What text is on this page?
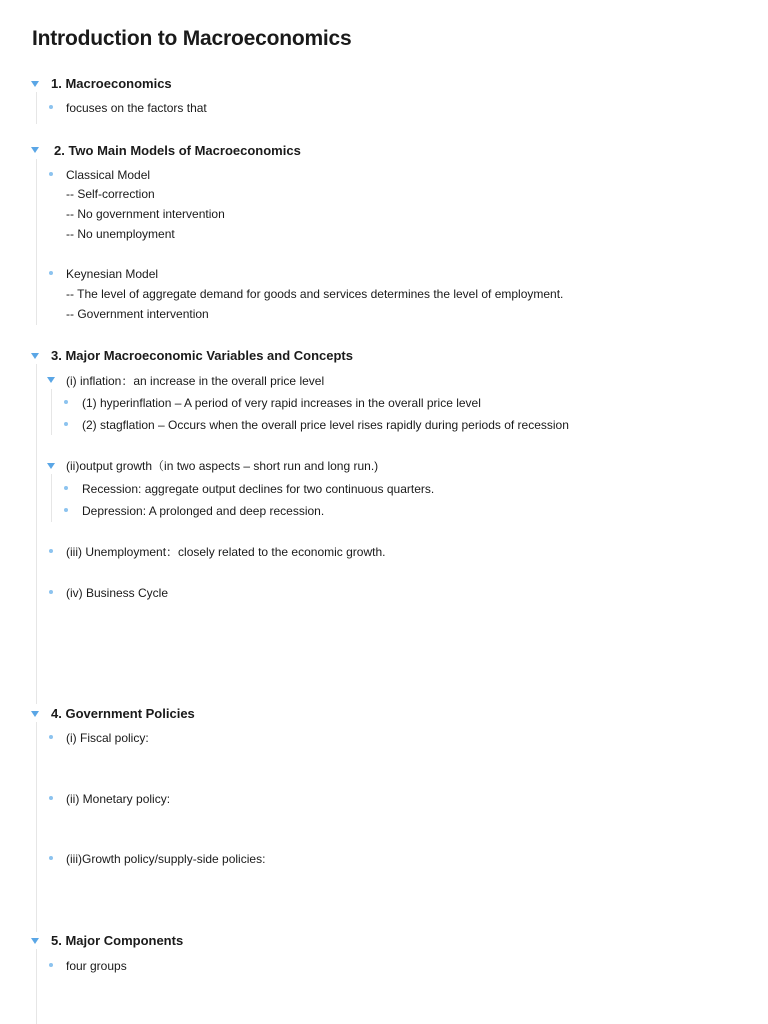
Introduction to Macroeconomics
1. Macroeconomics
focuses on the factors that
2. Two Main Models of Macroeconomics
Classical Model
-- Self-correction
-- No government intervention
-- No unemployment
Keynesian Model
-- The level of aggregate demand for goods and services determines the level of employment.
-- Government intervention
3. Major Macroeconomic Variables and Concepts
(i) inflation：an increase in the overall price level
(1) hyperinflation – A period of very rapid increases in the overall price level
(2) stagflation – Occurs when the overall price level rises rapidly during periods of recession
(ii)output growth（in two aspects – short run and long run.)
Recession: aggregate output declines for two continuous quarters.
Depression: A prolonged and deep recession.
(iii) Unemployment：closely related to the economic growth.
(iv) Business Cycle
4. Government Policies
(i) Fiscal policy:
(ii) Monetary policy:
(iii)Growth policy/supply-side policies:
5. Major Components
four groups
